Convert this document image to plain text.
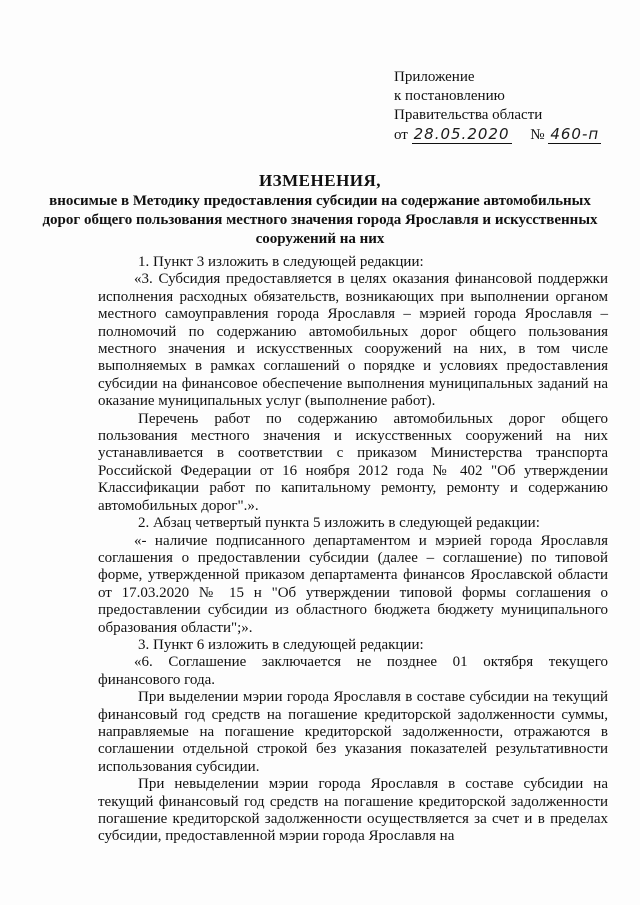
Приложение
к постановлению
Правительства области
от 28.05.2020 № 460-п
ИЗМЕНЕНИЯ,
вносимые в Методику предоставления субсидии на содержание автомобильных дорог общего пользования местного значения города Ярославля и искусственных сооружений на них

1. Пункт 3 изложить в следующей редакции:

«3. Субсидия предоставляется в целях оказания финансовой поддержки исполнения расходных обязательств, возникающих при выполнении органом местного самоуправления города Ярославля – мэрией города Ярославля – полномочий по содержанию автомобильных дорог общего пользования местного значения и искусственных сооружений на них, в том числе выполняемых в рамках соглашений о порядке и условиях предоставления субсидии на финансовое обеспечение выполнения муниципальных заданий на оказание муниципальных услуг (выполнение работ).

Перечень работ по содержанию автомобильных дорог общего пользования местного значения и искусственных сооружений на них устанавливается в соответствии с приказом Министерства транспорта Российской Федерации от 16 ноября 2012 года № 402 "Об утверждении Классификации работ по капитальному ремонту, ремонту и содержанию автомобильных дорог".».

2. Абзац четвертый пункта 5 изложить в следующей редакции:

«- наличие подписанного департаментом и мэрией города Ярославля соглашения о предоставлении субсидии (далее – соглашение) по типовой форме, утвержденной приказом департамента финансов Ярославской области от 17.03.2020 № 15 н "Об утверждении типовой формы соглашения о предоставлении субсидии из областного бюджета бюджету муниципального образования области";».

3. Пункт 6 изложить в следующей редакции:

«6. Соглашение заключается не позднее 01 октября текущего финансового года.

При выделении мэрии города Ярославля в составе субсидии на текущий финансовый год средств на погашение кредиторской задолженности суммы, направляемые на погашение кредиторской задолженности, отражаются в соглашении отдельной строкой без указания показателей результативности использования субсидии.

При невыделении мэрии города Ярославля в составе субсидии на текущий финансовый год средств на погашение кредиторской задолженности погашение кредиторской задолженности осуществляется за счет и в пределах субсидии, предоставленной мэрии города Ярославля на
